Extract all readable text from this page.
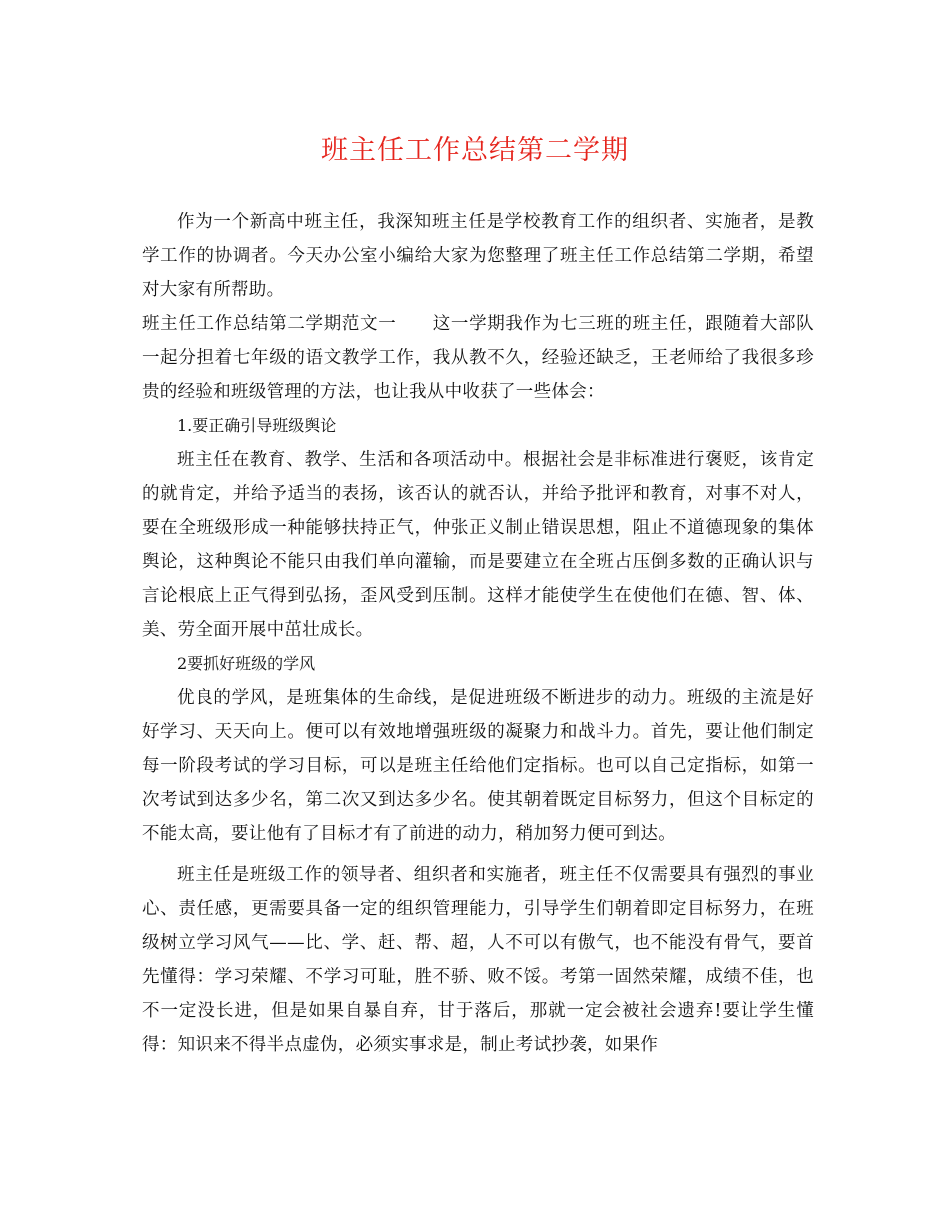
班主任工作总结第二学期

作为一个新高中班主任，我深知班主任是学校教育工作的组织者、实施者，是教学工作的协调者。今天办公室小编给大家为您整理了班主任工作总结第二学期，希望对大家有所帮助。

班主任工作总结第二学期范文一　　这一学期我作为七三班的班主任，跟随着大部队一起分担着七年级的语文教学工作，我从教不久，经验还缺乏，王老师给了我很多珍贵的经验和班级管理的方法，也让我从中收获了一些体会：

1.要正确引导班级舆论

班主任在教育、教学、生活和各项活动中。根据社会是非标准进行褒贬，该肯定的就肯定，并给予适当的表扬，该否认的就否认，并给予批评和教育，对事不对人，要在全班级形成一种能够扶持正气，仲张正义制止错误思想，阻止不道德现象的集体舆论，这种舆论不能只由我们单向灌输，而是要建立在全班占压倒多数的正确认识与言论根底上正气得到弘扬，歪风受到压制。这样才能使学生在使他们在德、智、体、美、劳全面开展中茁壮成长。

2要抓好班级的学风

优良的学风，是班集体的生命线，是促进班级不断进步的动力。班级的主流是好好学习、天天向上。便可以有效地增强班级的凝聚力和战斗力。首先，要让他们制定每一阶段考试的学习目标，可以是班主任给他们定指标。也可以自己定指标，如第一次考试到达多少名，第二次又到达多少名。使其朝着既定目标努力，但这个目标定的不能太高，要让他有了目标才有了前进的动力，稍加努力便可到达。

班主任是班级工作的领导者、组织者和实施者，班主任不仅需要具有强烈的事业心、责任感，更需要具备一定的组织管理能力，引导学生们朝着即定目标努力，在班级树立学习风气——比、学、赶、帮、超，人不可以有傲气，也不能没有骨气，要首先懂得：学习荣耀、不学习可耻，胜不骄、败不馁。考第一固然荣耀，成绩不佳，也不一定没长进，但是如果自暴自弃，甘于落后，那就一定会被社会遗弃!要让学生懂得：知识来不得半点虚伪，必须实事求是，制止考试抄袭，如果作
